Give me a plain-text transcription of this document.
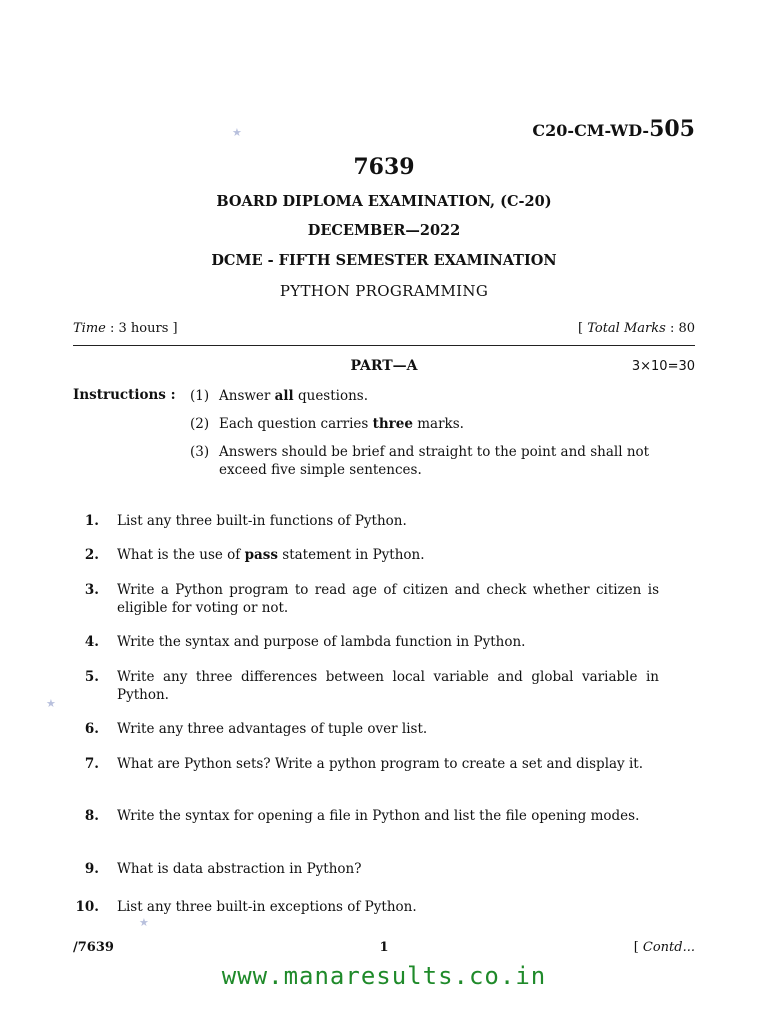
C20-CM-WD-505
★
★
★
7639
BOARD DIPLOMA EXAMINATION, (C-20)
DECEMBER—2022
DCME - FIFTH SEMESTER EXAMINATION
PYTHON PROGRAMMING
Time : 3 hours ]	[ Total Marks : 80
PART—A	3×10=30
Instructions : (1) Answer all questions.
(2) Each question carries three marks.
(3) Answers should be brief and straight to the point and shall not exceed five simple sentences.
1. List any three built-in functions of Python.
2. What is the use of pass statement in Python.
3. Write a Python program to read age of citizen and check whether citizen is eligible for voting or not.
4. Write the syntax and purpose of lambda function in Python.
5. Write any three differences between local variable and global variable in Python.
6. Write any three advantages of tuple over list.
7. What are Python sets? Write a python program to create a set and display it.
8. Write the syntax for opening a file in Python and list the file opening modes.
9. What is data abstraction in Python?
10. List any three built-in exceptions of Python.
/7639	1	[ Contd...
www.manaresults.co.in
